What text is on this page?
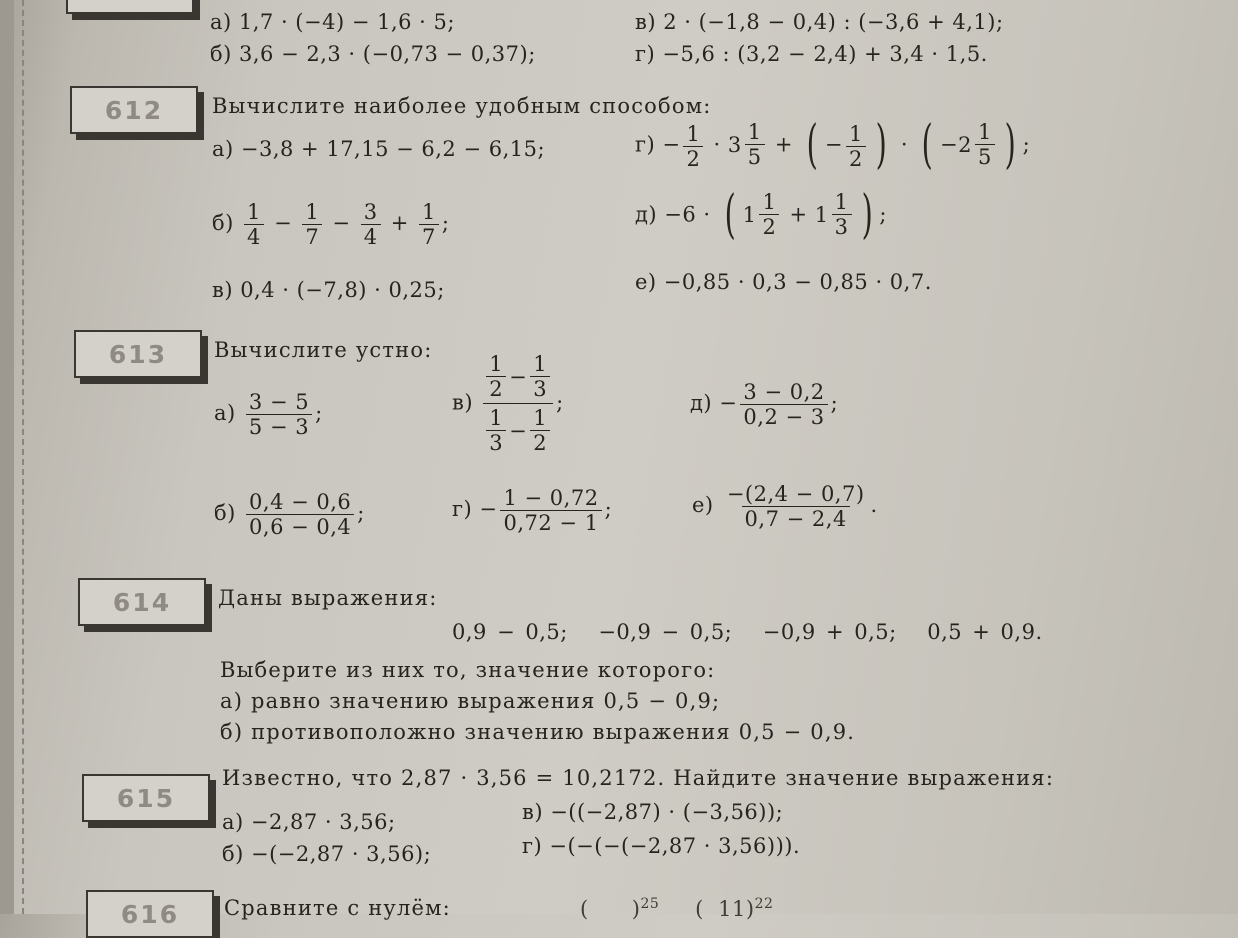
а) 1,7 · (−4) − 1,6 · 5;
б) 3,6 − 2,3 · (−0,73 − 0,37);
в) 2 · (−1,8 − 0,4) : (−3,6 + 4,1);
г) −5,6 : (3,2 − 2,4) + 3,4 · 1,5.
612	Вычислите наиболее удобным способом:
а) −3,8 + 17,15 − 6,2 − 6,15;
$б) \frac{1}{4} - \frac{1}{7} - \frac{3}{4} + \frac{1}{7}$ ;
в) 0,4 · (−7,8) · 0,25;
$г) - \frac{1}{2} \cdot 3 \frac{1}{5}$ + ( − $\frac{1}{2}$ ) · ( $-2 \frac{1}{5}$ ) ;
д) −6 · ( $1 \frac{1}{2} + 1 \frac{1}{3}$ ) ;
е) −0,85 · 0,3 − 0,85 · 0,7.
613	Вычислите устно:
$а) \frac{3 - 5}{5 - 3}$ ;
$б) \frac{0,4 - 0,6}{0,6 - 0,4}$ ;
$в) \frac{\frac{1}{2} - \frac{1}{3}}{\frac{1}{3} - \frac{1}{2}}$ ;
$г) - \frac{1 - 0,72}{0,72 - 1}$ ;
$д) - \frac{3 - 0,2}{0,2 - 3}$ ;
$е) \frac{-(2,4 - 0,7)}{0,7 - 2,4}$ .
614	Даны выражения:
0,9 − 0,5;   −0,9 − 0,5;   −0,9 + 0,5;   0,5 + 0,9.
Выберите из них то, значение которого:
а) равно значению выражения 0,5 − 0,9;
б) противоположно значению выражения 0,5 − 0,9.
615
Известно, что 2,87 · 3,56 = 10,2172. Найдите значение выражения:
а) −2,87 · 3,56;
б) −(−2,87 · 3,56);
в) −((−2,87) · (−3,56));
г) −(−(−(−2,87 · 3,56))).
616	Сравните с нулём:	(      )$^{25}$     (  11)$^{22}$
